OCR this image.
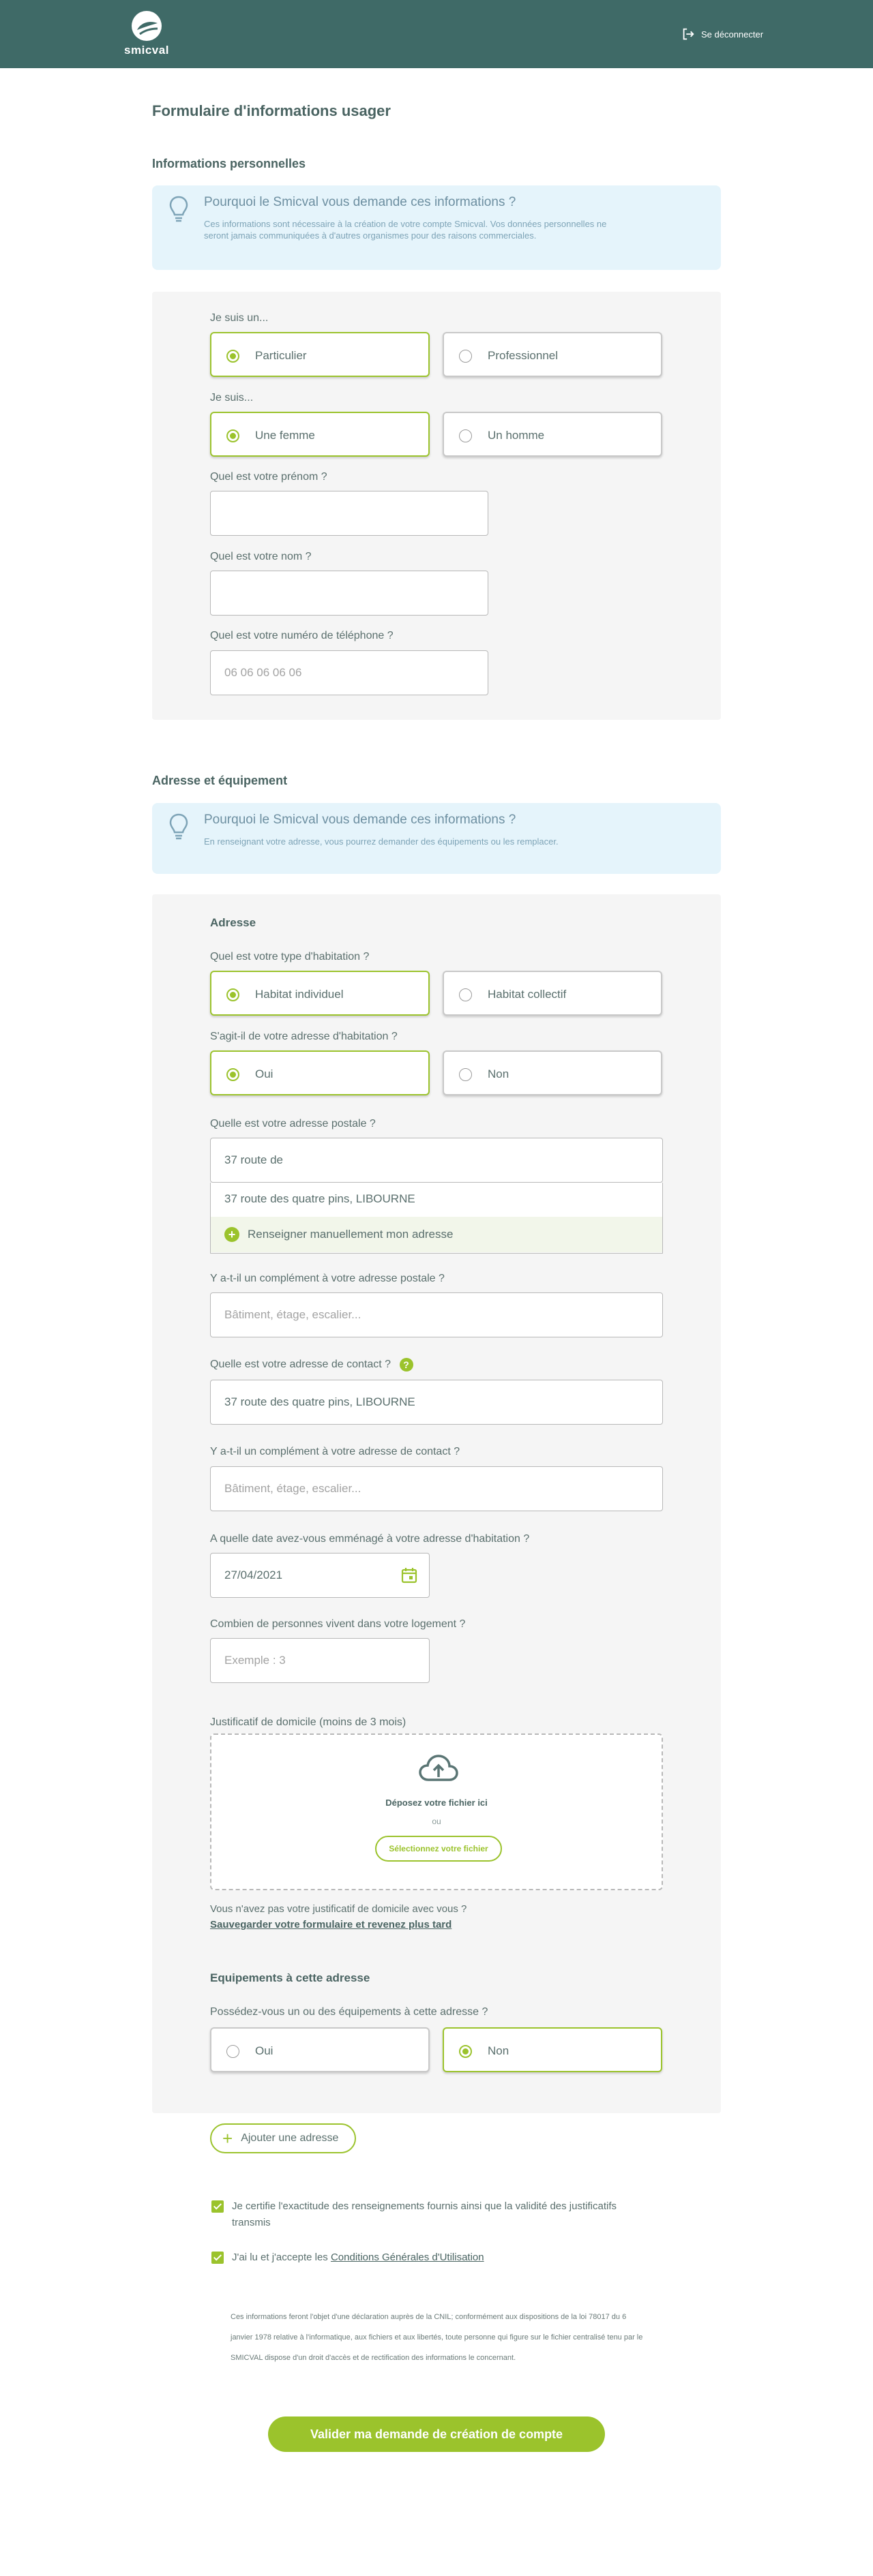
smicval
Se déconnecter
Formulaire d'informations usager
Informations personnelles
Pourquoi le Smicval vous demande ces informations ?
Ces informations sont nécessaire à la création de votre compte Smicval. Vos données personnelles ne seront jamais communiquées à d'autres organismes pour des raisons commerciales.
Je suis un...
Particulier	Professionnel
Je suis...
Une femme	Un homme
Quel est votre prénom ?
Quel est votre nom ?
Quel est votre numéro de téléphone ?
06 06 06 06 06
Adresse et équipement
Pourquoi le Smicval vous demande ces informations ?
En renseignant votre adresse, vous pourrez demander des équipements ou les remplacer.
Adresse
Quel est votre type d'habitation ?
Habitat individuel	Habitat collectif
S'agit-il de votre adresse d'habitation ?
Oui	Non
Quelle est votre adresse postale ?
37 route de
37 route des quatre pins, LIBOURNE
+	Renseigner manuellement mon adresse
Y a-t-il un complément à votre adresse postale ?
Bâtiment, étage, escalier...
Quelle est votre adresse de contact ? ?
37 route des quatre pins, LIBOURNE
Y a-t-il un complément à votre adresse de contact ?
Bâtiment, étage, escalier...
A quelle date avez-vous emménagé à votre adresse d'habitation ?
27/04/2021
Combien de personnes vivent dans votre logement ?
Exemple : 3
Justificatif de domicile (moins de 3 mois)
Déposez votre fichier ici
ou
Sélectionnez votre fichier
Vous n'avez pas votre justificatif de domicile avec vous ?
Sauvegarder votre formulaire et revenez plus tard
Equipements à cette adresse
Possédez-vous un ou des équipements à cette adresse ?
Oui	Non
+ Ajouter une adresse
Je certifie l'exactitude des renseignements fournis ainsi que la validité des justificatifs transmis
J'ai lu et j'accepte les Conditions Générales d'Utilisation
Ces informations feront l'objet d'une déclaration auprès de la CNIL; conformément aux dispositions de la loi 78017 du 6 janvier 1978 relative à l'informatique, aux fichiers et aux libertés, toute personne qui figure sur le fichier centralisé tenu par le SMICVAL dispose d'un droit d'accès et de rectification des informations le concernant.
Valider ma demande de création de compte
